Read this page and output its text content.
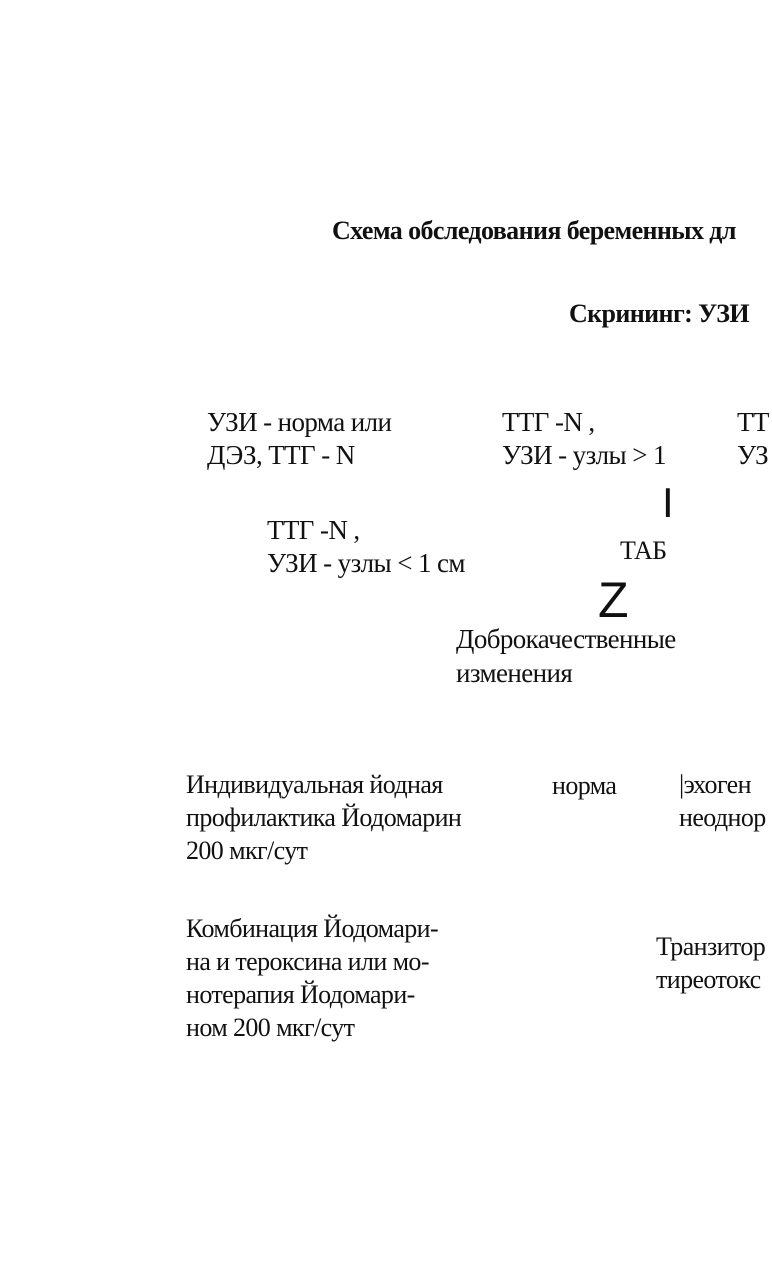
Схема обследования беременных дл
Скрининг: УЗИ
УЗИ - норма или
ДЭЗ, ТТГ - N
ТТГ -N ,
УЗИ - узлы > 1
ТТ
УЗ
I
ТТГ -N ,
УЗИ - узлы < 1 см	ТАБ
Z
Доброкачественные
изменения
Индивидуальная йодная
профилактика Йодомарин
200 мкг/сут
норма |эхоген
неоднор
Комбинация Йодомари-
на и тероксина или мо-
нотерапия Йодомари-
ном 200 мкг/сут
Транзитор
тиреотокс
